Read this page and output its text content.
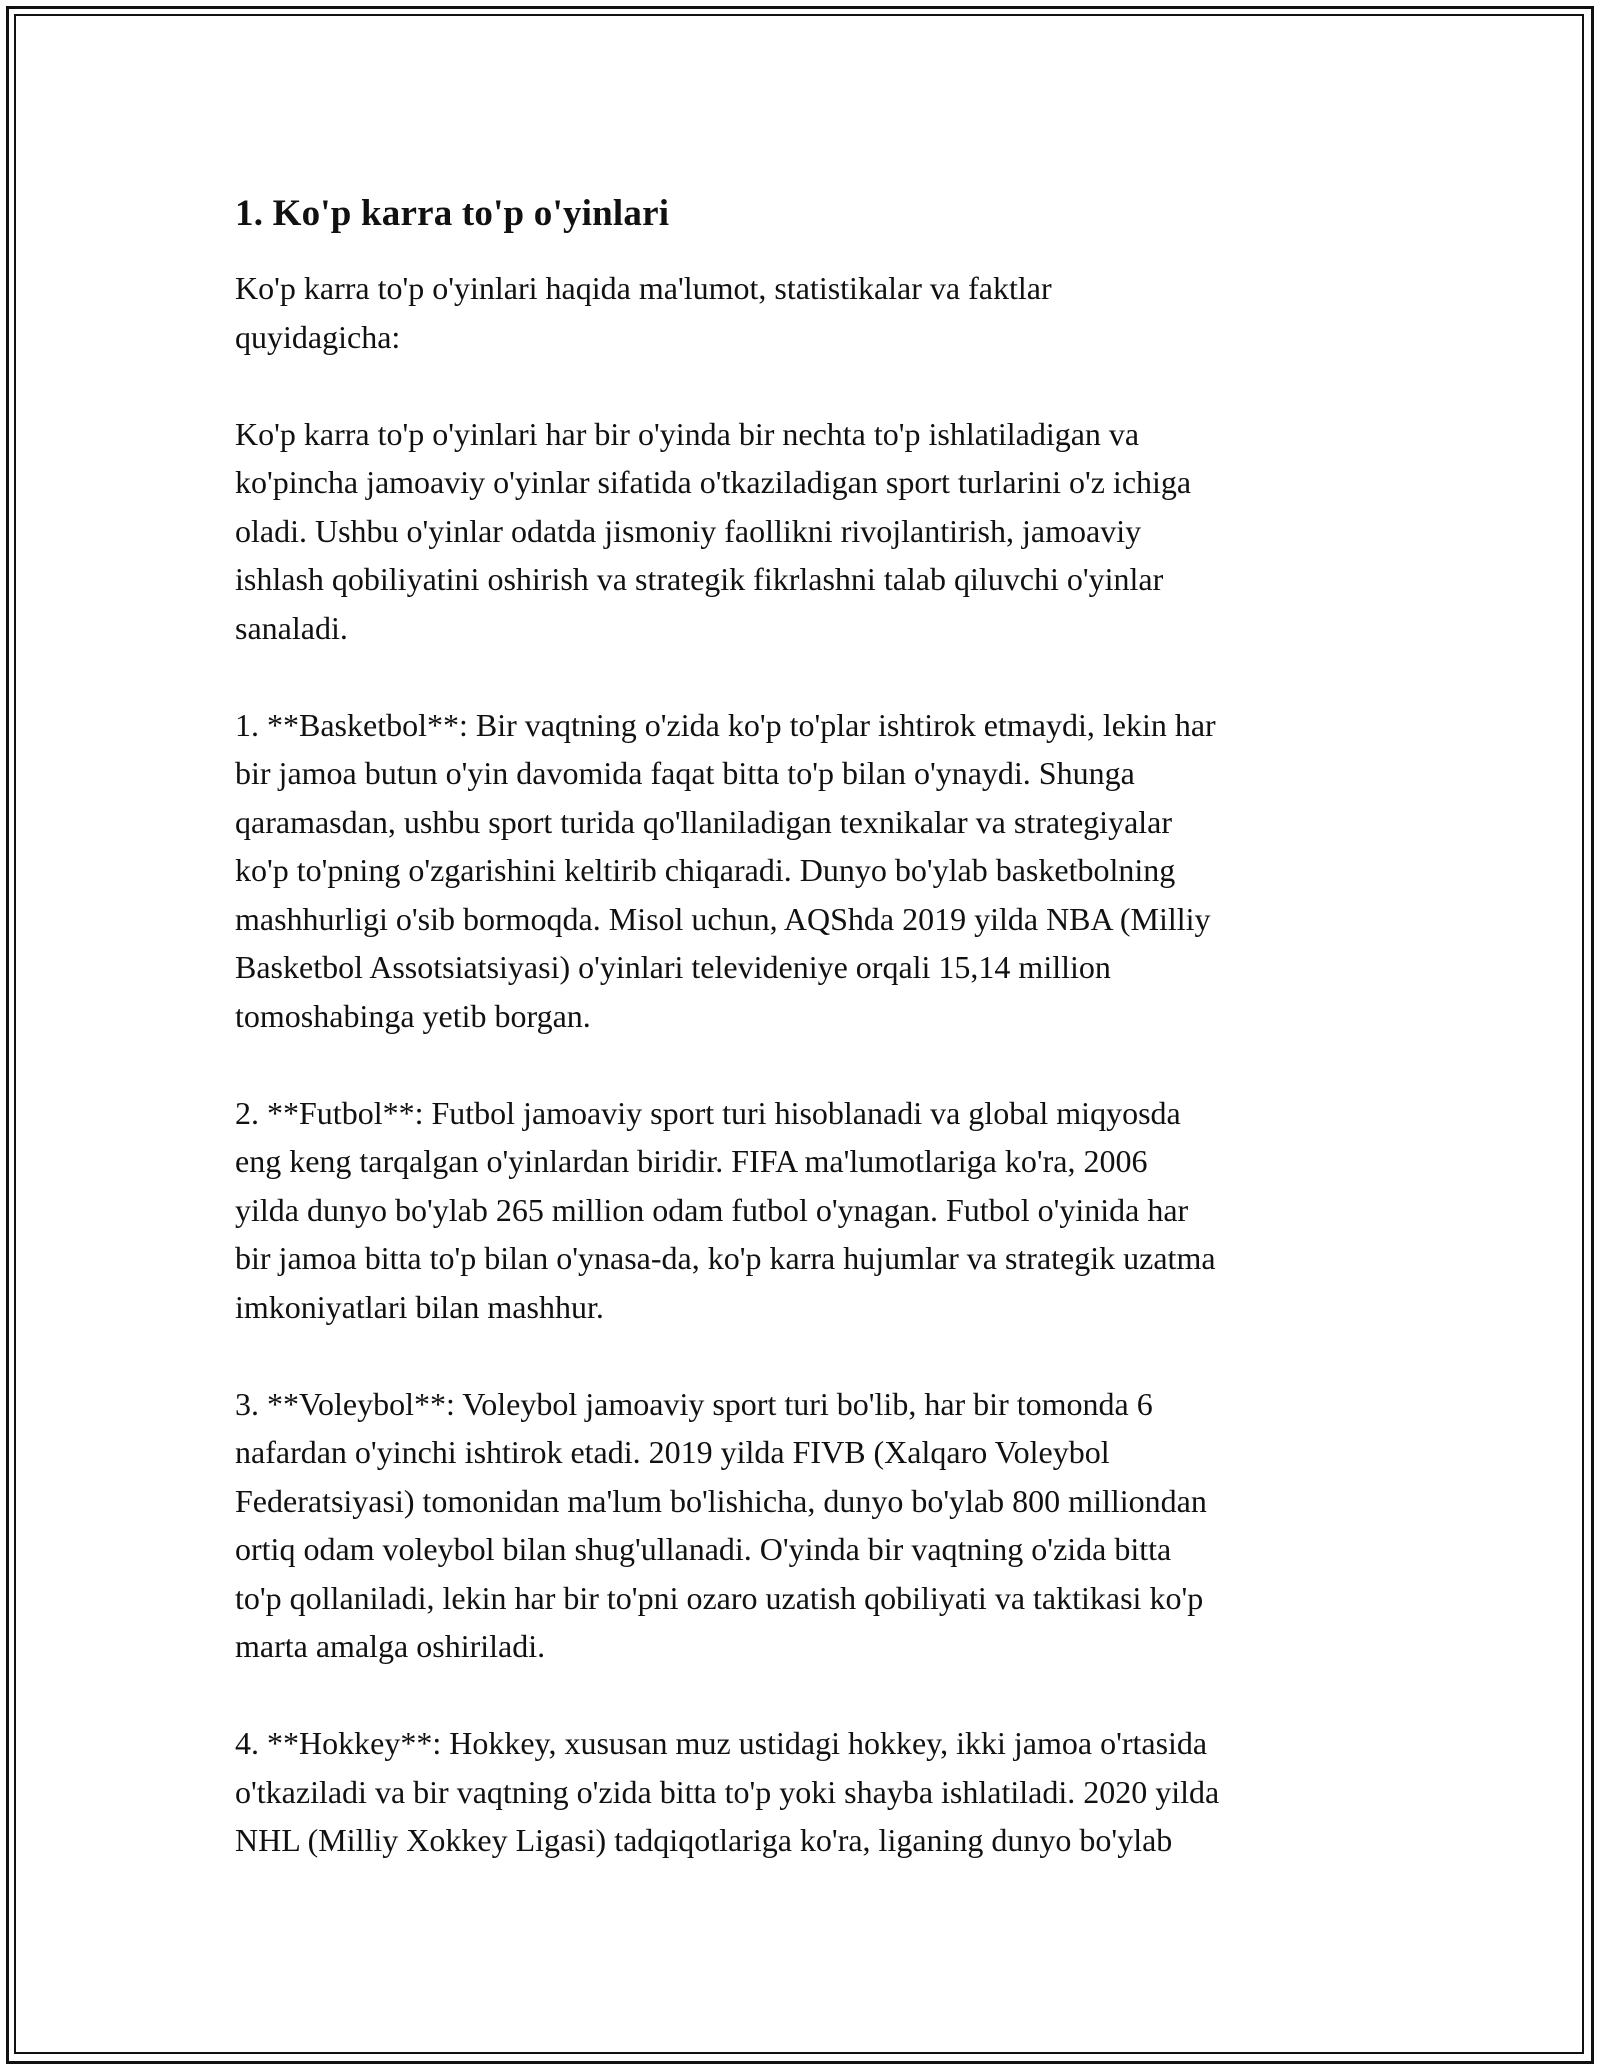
1. Ko'p karra to'p o'yinlari

Ko'p karra to'p o'yinlari haqida ma'lumot, statistikalar va faktlar
quyidagicha:

Ko'p karra to'p o'yinlari har bir o'yinda bir nechta to'p ishlatiladigan va
ko'pincha jamoaviy o'yinlar sifatida o'tkaziladigan sport turlarini o'z ichiga
oladi. Ushbu o'yinlar odatda jismoniy faollikni rivojlantirish, jamoaviy
ishlash qobiliyatini oshirish va strategik fikrlashni talab qiluvchi o'yinlar
sanaladi.

1. **Basketbol**: Bir vaqtning o'zida ko'p to'plar ishtirok etmaydi, lekin har
bir jamoa butun o'yin davomida faqat bitta to'p bilan o'ynaydi. Shunga
qaramasdan, ushbu sport turida qo'llaniladigan texnikalar va strategiyalar
ko'p to'pning o'zgarishini keltirib chiqaradi. Dunyo bo'ylab basketbolning
mashhurligi o'sib bormoqda. Misol uchun, AQShda 2019 yilda NBA (Milliy
Basketbol Assotsiatsiyasi) o'yinlari televideniye orqali 15,14 million
tomoshabinga yetib borgan.

2. **Futbol**: Futbol jamoaviy sport turi hisoblanadi va global miqyosda
eng keng tarqalgan o'yinlardan biridir. FIFA ma'lumotlariga ko'ra, 2006
yilda dunyo bo'ylab 265 million odam futbol o'ynagan. Futbol o'yinida har
bir jamoa bitta to'p bilan o'ynasa-da, ko'p karra hujumlar va strategik uzatma
imkoniyatlari bilan mashhur.

3. **Voleybol**: Voleybol jamoaviy sport turi bo'lib, har bir tomonda 6
nafardan o'yinchi ishtirok etadi. 2019 yilda FIVB (Xalqaro Voleybol
Federatsiyasi) tomonidan ma'lum bo'lishicha, dunyo bo'ylab 800 milliondan
ortiq odam voleybol bilan shug'ullanadi. O'yinda bir vaqtning o'zida bitta
to'p qollaniladi, lekin har bir to'pni ozaro uzatish qobiliyati va taktikasi ko'p
marta amalga oshiriladi.

4. **Hokkey**: Hokkey, xususan muz ustidagi hokkey, ikki jamoa o'rtasida
o'tkaziladi va bir vaqtning o'zida bitta to'p yoki shayba ishlatiladi. 2020 yilda
NHL (Milliy Xokkey Ligasi) tadqiqotlariga ko'ra, liganing dunyo bo'ylab
